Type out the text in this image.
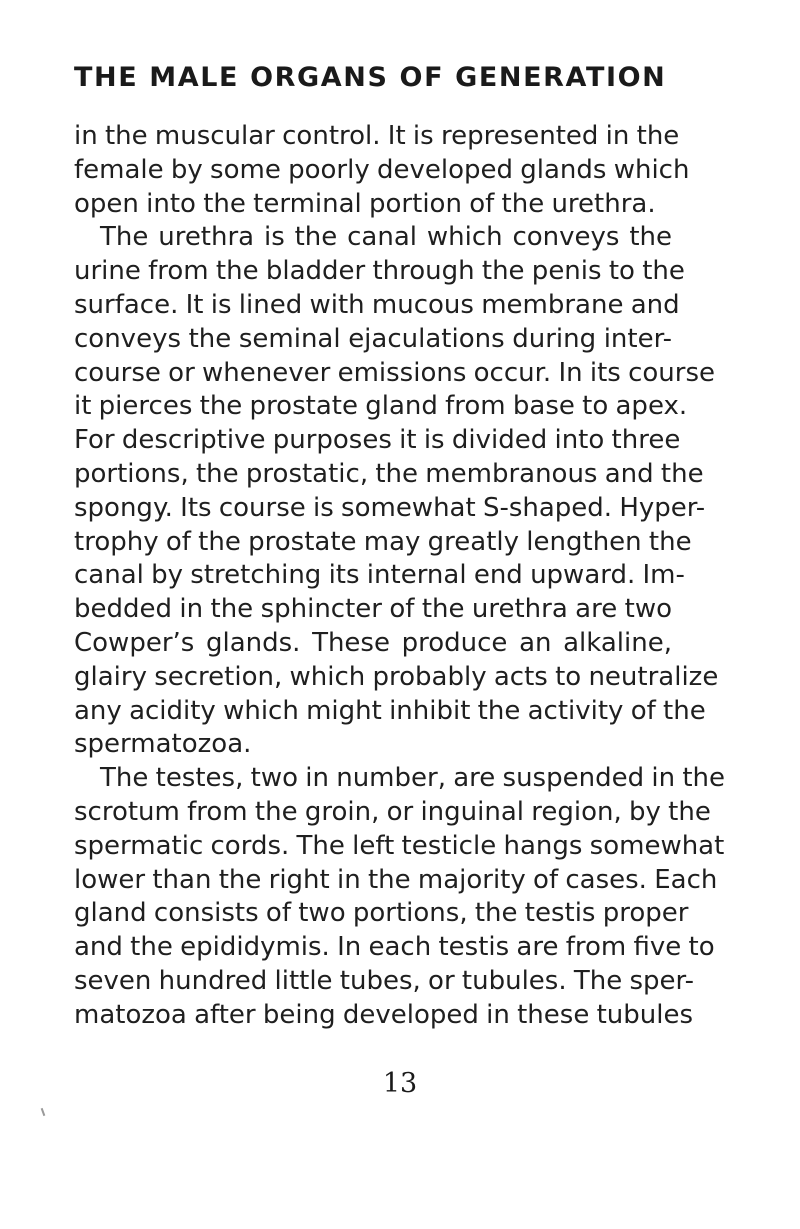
THE MALE ORGANS OF GENERATION
in the muscular control. It is represented in the
female by some poorly developed glands which
open into the terminal portion of the urethra.
The urethra is the canal which conveys the
urine from the bladder through the penis to the
surface. It is lined with mucous membrane and
conveys the seminal ejaculations during inter-
course or whenever emissions occur. In its course
it pierces the prostate gland from base to apex.
For descriptive purposes it is divided into three
portions, the prostatic, the membranous and the
spongy. Its course is somewhat S-shaped. Hyper-
trophy of the prostate may greatly lengthen the
canal by stretching its internal end upward. Im-
bedded in the sphincter of the urethra are two
Cowper’s glands. These produce an alkaline,
glairy secretion, which probably acts to neutralize
any acidity which might inhibit the activity of the
spermatozoa.
The testes, two in number, are suspended in the
scrotum from the groin, or inguinal region, by the
spermatic cords. The left testicle hangs somewhat
lower than the right in the majority of cases. Each
gland consists of two portions, the testis proper
and the epididymis. In each testis are from five to
seven hundred little tubes, or tubules. The sper-
matozoa after being developed in these tubules
13
